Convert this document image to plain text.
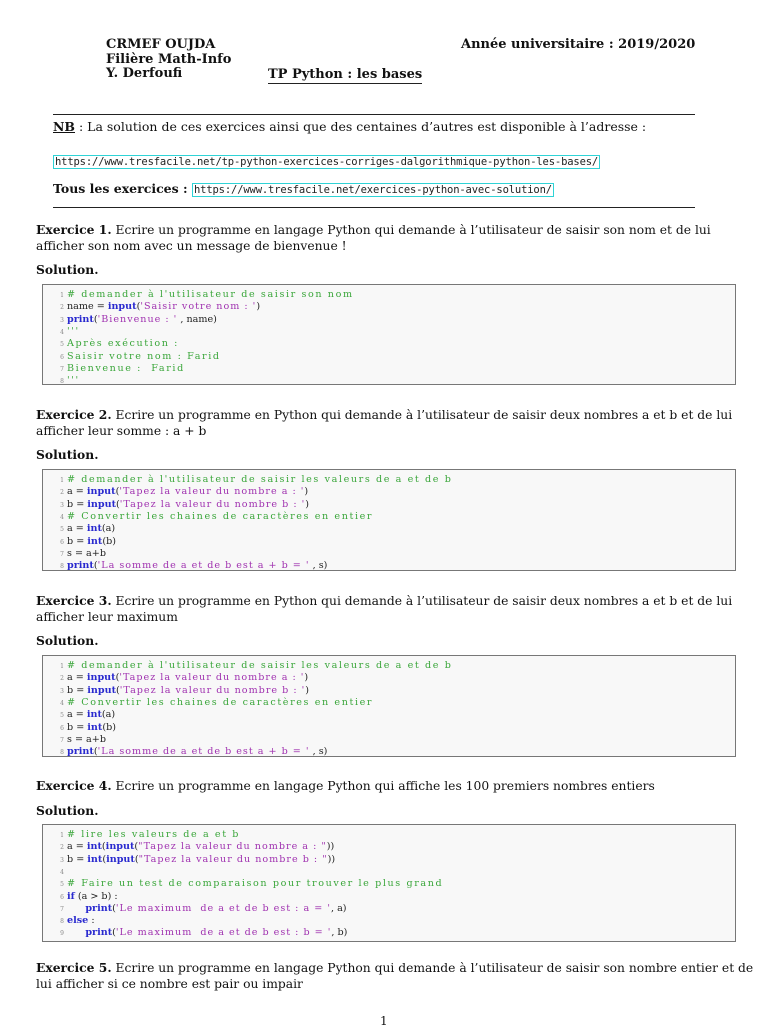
CRMEF OUJDA
Filière Math-Info
Y. Derfoufi
Année universitaire : 2019/2020
TP Python : les bases
NB : La solution de ces exercices ainsi que des centaines d’autres est disponible à l’adresse :
https://www.tresfacile.net/tp-python-exercices-corriges-dalgorithmique-python-les-bases/
Tous les exercices : https://www.tresfacile.net/exercices-python-avec-solution/
Exercice 1. Ecrire un programme en langage Python qui demande à l’utilisateur de saisir son nom et de lui afficher son nom avec un message de bienvenue !
Solution.
1 # demander à l'utilisateur de saisir son nom
2 name = input('Saisir votre nom : ')
3 print('Bienvenue : ' , name)
4 '''
5 Après exécution :
6 Saisir votre nom : Farid
7 Bienvenue :  Farid
8 '''
Exercice 2. Ecrire un programme en Python qui demande à l’utilisateur de saisir deux nombres a et b et de lui afficher leur somme : a + b
Solution.
1 # demander à l'utilisateur de saisir les valeurs de a et de b
2 a = input('Tapez la valeur du nombre a : ')
3 b = input('Tapez la valeur du nombre b : ')
4 # Convertir les chaines de caractères en entier
5 a = int(a)
6 b = int(b)
7 s = a+b
8 print('La somme de a et de b est a + b = ' , s)
Exercice 3. Ecrire un programme en Python qui demande à l’utilisateur de saisir deux nombres a et b et de lui afficher leur maximum
Solution.
1 # demander à l'utilisateur de saisir les valeurs de a et de b
2 a = input('Tapez la valeur du nombre a : ')
3 b = input('Tapez la valeur du nombre b : ')
4 # Convertir les chaines de caractères en entier
5 a = int(a)
6 b = int(b)
7 s = a+b
8 print('La somme de a et de b est a + b = ' , s)
Exercice 4. Ecrire un programme en langage Python qui affiche les 100 premiers nombres entiers
Solution.
1 # lire les valeurs de a et b
2 a = int(input("Tapez la valeur du nombre a : "))
3 b = int(input("Tapez la valeur du nombre b : "))
4
5 # Faire un test de comparaison pour trouver le plus grand
6 if (a > b) :
7	print('Le maximum  de a et de b est : a = ', a)
8 else :
9	print('Le maximum  de a et de b est : b = ', b)
Exercice 5. Ecrire un programme en langage Python qui demande à l’utilisateur de saisir son nombre entier et de lui afficher si ce nombre est pair ou impair
1
